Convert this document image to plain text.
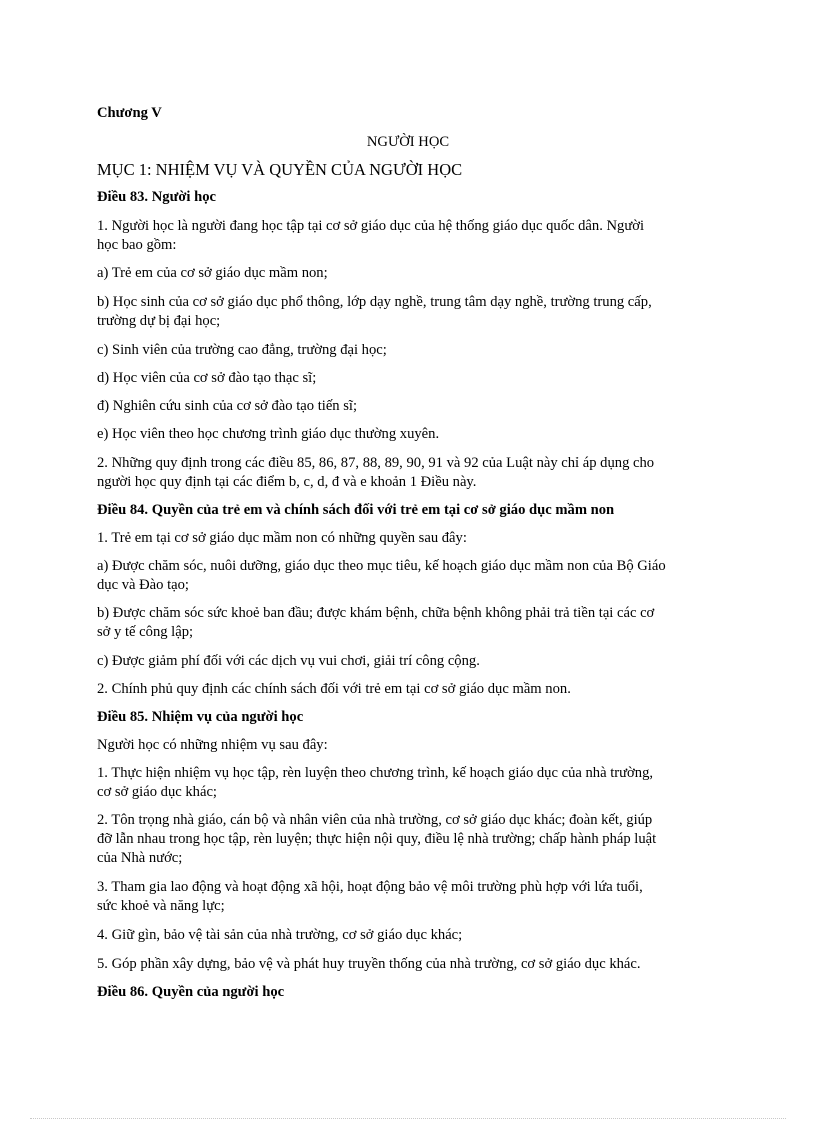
Chương V
NGƯỜI HỌC
MỤC 1: NHIỆM VỤ VÀ QUYỀN CỦA NGƯỜI HỌC
Điều 83. Người học
1. Người học là người đang học tập tại cơ sở giáo dục của hệ thống giáo dục quốc dân. Người
học bao gồm:
a) Trẻ em của cơ sở giáo dục mầm non;
b) Học sinh của cơ sở giáo dục phổ thông, lớp dạy nghề, trung tâm dạy nghề, trường trung cấp,
trường dự bị đại học;
c) Sinh viên của trường cao đẳng, trường đại học;
d) Học viên của cơ sở đào tạo thạc sĩ;
đ) Nghiên cứu sinh của cơ sở đào tạo tiến sĩ;
e) Học viên theo học chương trình giáo dục thường xuyên.
2. Những quy định trong các điều 85, 86, 87, 88, 89, 90, 91 và 92 của Luật này chỉ áp dụng cho
người học quy định tại các điểm b, c, d, đ và e khoản 1 Điều này.
Điều 84. Quyền của trẻ em và chính sách đối với trẻ em tại cơ sở giáo dục mầm non
1. Trẻ em tại cơ sở giáo dục mầm non có những quyền sau đây:
a) Được chăm sóc, nuôi dưỡng, giáo dục theo mục tiêu, kế hoạch giáo dục mầm non của Bộ Giáo
dục và Đào tạo;
b) Được chăm sóc sức khoẻ ban đầu; được khám bệnh, chữa bệnh không phải trả tiền tại các cơ
sở y tế công lập;
c) Được giảm phí đối với các dịch vụ vui chơi, giải trí công cộng.
2. Chính phủ quy định các chính sách đối với trẻ em tại cơ sở giáo dục mầm non.
Điều 85. Nhiệm vụ của người học
Người học có những nhiệm vụ sau đây:
1. Thực hiện nhiệm vụ học tập, rèn luyện theo chương trình, kế hoạch giáo dục của nhà trường,
cơ sở giáo dục khác;
2. Tôn trọng nhà giáo, cán bộ và nhân viên của nhà trường, cơ sở giáo dục khác; đoàn kết, giúp
đỡ lẫn nhau trong học tập, rèn luyện; thực hiện nội quy, điều lệ nhà trường; chấp hành pháp luật
của Nhà nước;
3. Tham gia lao động và hoạt động xã hội, hoạt động bảo vệ môi trường phù hợp với lứa tuổi,
sức khoẻ và năng lực;
4. Giữ gìn, bảo vệ tài sản của nhà trường, cơ sở giáo dục khác;
5. Góp phần xây dựng, bảo vệ và phát huy truyền thống của nhà trường, cơ sở giáo dục khác.
Điều 86. Quyền của người học
